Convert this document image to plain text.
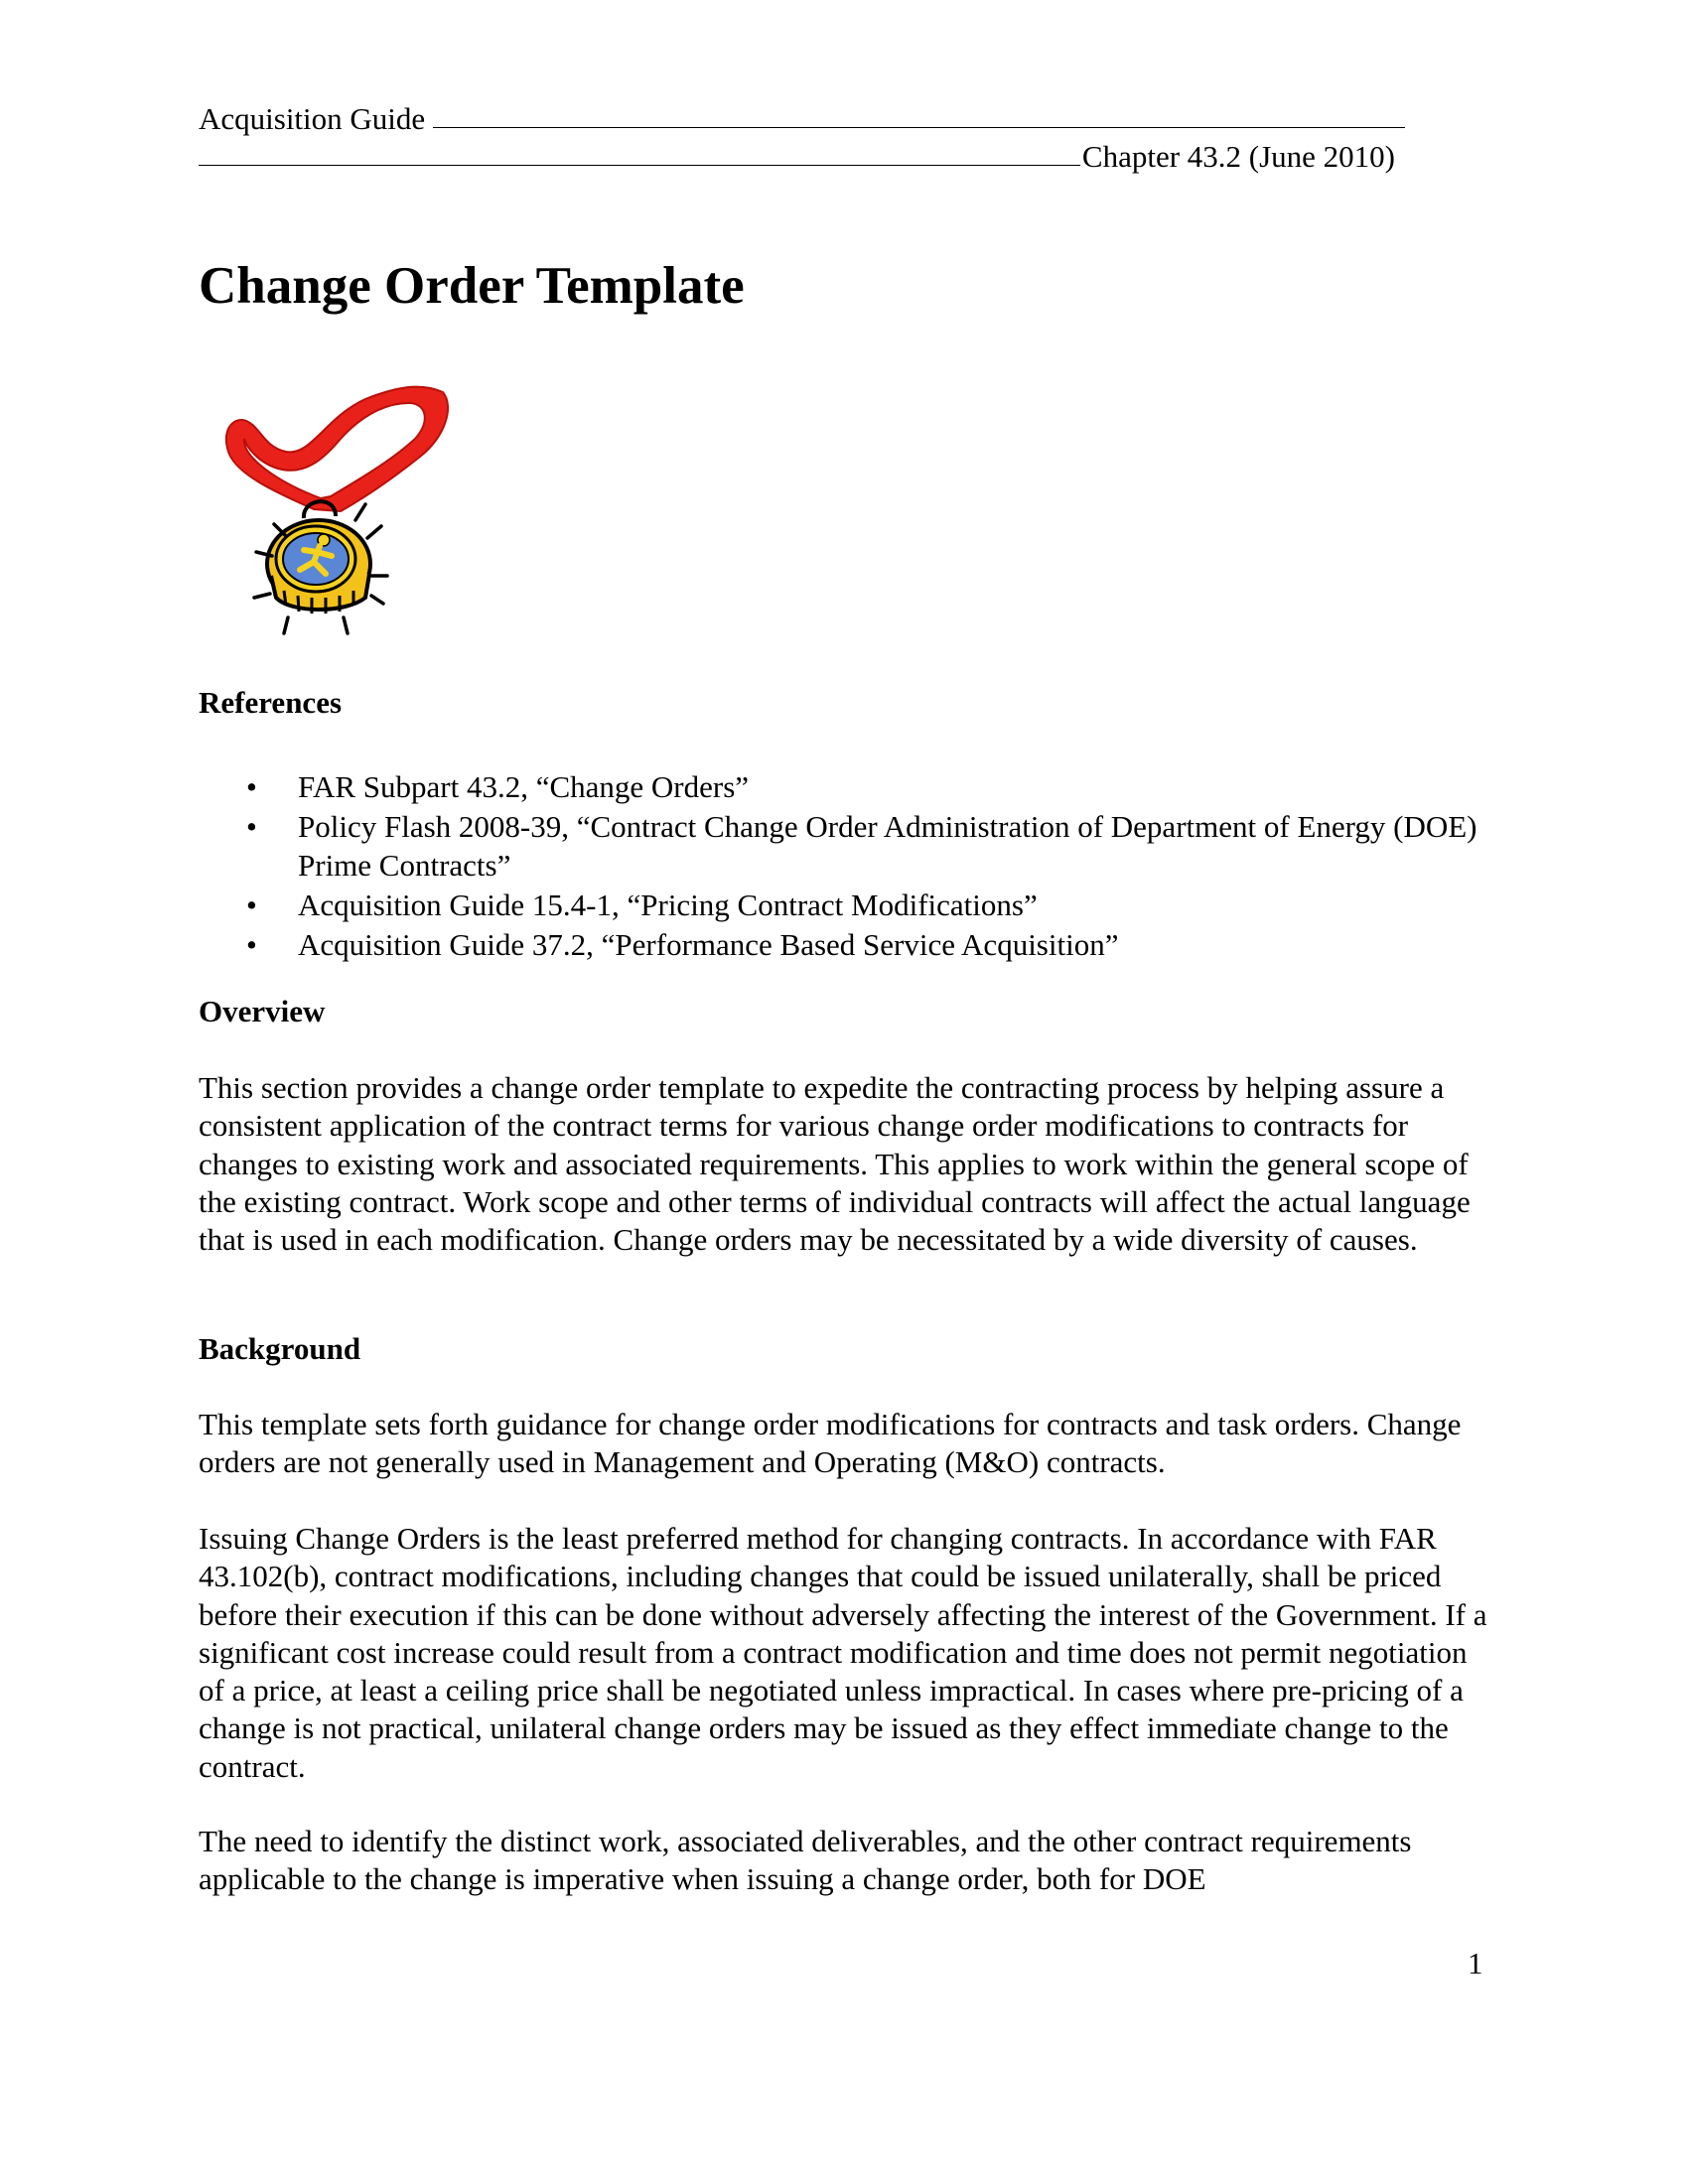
Acquisition Guide
Chapter 43.2 (June 2010)
Change Order Template
References
• FAR Subpart 43.2, “Change Orders”
• Policy Flash 2008-39, “Contract Change Order Administration of Department of Energy (DOE) Prime Contracts”
• Acquisition Guide 15.4-1, “Pricing Contract Modifications”
• Acquisition Guide 37.2, “Performance Based Service Acquisition”
Overview

This section provides a change order template to expedite the contracting process by helping assure a consistent application of the contract terms for various change order modifications to contracts for changes to existing work and associated requirements. This applies to work within the general scope of the existing contract. Work scope and other terms of individual contracts will affect the actual language that is used in each modification. Change orders may be necessitated by a wide diversity of causes.

Background

This template sets forth guidance for change order modifications for contracts and task orders. Change orders are not generally used in Management and Operating (M&O) contracts.

Issuing Change Orders is the least preferred method for changing contracts. In accordance with FAR 43.102(b), contract modifications, including changes that could be issued unilaterally, shall be priced before their execution if this can be done without adversely affecting the interest of the Government. If a significant cost increase could result from a contract modification and time does not permit negotiation of a price, at least a ceiling price shall be negotiated unless impractical. In cases where pre-pricing of a change is not practical, unilateral change orders may be issued as they effect immediate change to the contract.

The need to identify the distinct work, associated deliverables, and the other contract requirements applicable to the change is imperative when issuing a change order, both for DOE

1
